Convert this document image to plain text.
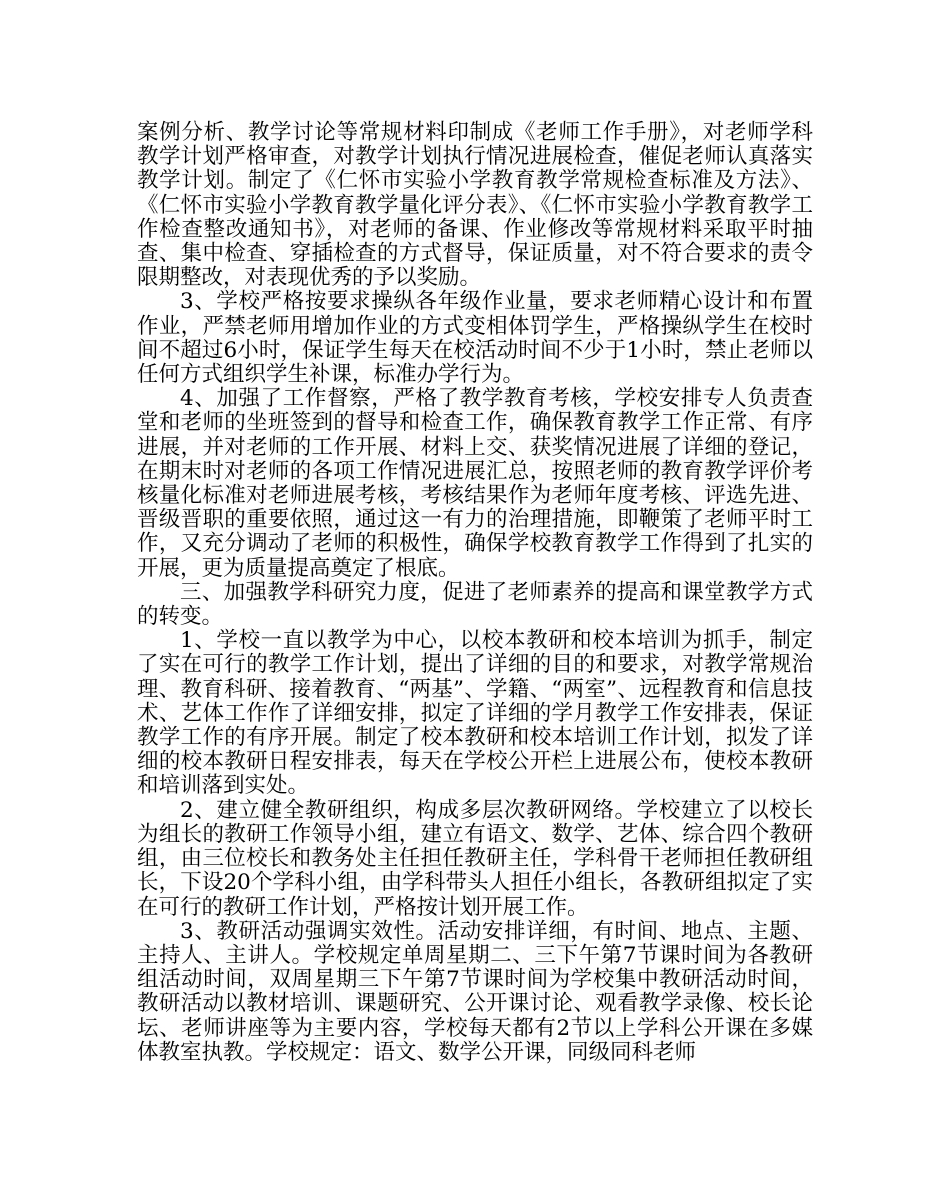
案例分析、教学讨论等常规材料印制成《老师工作手册》，对老师学科教学计划严格审查，对教学计划执行情况进展检查，催促老师认真落实教学计划。制定了《仁怀市实验小学教育教学常规检查标准及方法》、《仁怀市实验小学教育教学量化评分表》、《仁怀市实验小学教育教学工作检查整改通知书》，对老师的备课、作业修改等常规材料采取平时抽查、集中检查、穿插检查的方式督导，保证质量，对不符合要求的责令限期整改，对表现优秀的予以奖励。

3、学校严格按要求操纵各年级作业量，要求老师精心设计和布置作业，严禁老师用增加作业的方式变相体罚学生，严格操纵学生在校时间不超过6小时，保证学生每天在校活动时间不少于1小时，禁止老师以任何方式组织学生补课，标准办学行为。

4、加强了工作督察，严格了教学教育考核，学校安排专人负责查堂和老师的坐班签到的督导和检查工作，确保教育教学工作正常、有序进展，并对老师的工作开展、材料上交、获奖情况进展了详细的登记，在期末时对老师的各项工作情况进展汇总，按照老师的教育教学评价考核量化标准对老师进展考核，考核结果作为老师年度考核、评选先进、晋级晋职的重要依照，通过这一有力的治理措施，即鞭策了老师平时工作，又充分调动了老师的积极性，确保学校教育教学工作得到了扎实的开展，更为质量提高奠定了根底。

三、加强教学科研究力度，促进了老师素养的提高和课堂教学方式的转变。

1、学校一直以教学为中心，以校本教研和校本培训为抓手，制定了实在可行的教学工作计划，提出了详细的目的和要求，对教学常规治理、教育科研、接着教育、“两基”、学籍、“两室”、远程教育和信息技术、艺体工作作了详细安排，拟定了详细的学月教学工作安排表，保证教学工作的有序开展。制定了校本教研和校本培训工作计划，拟发了详细的校本教研日程安排表，每天在学校公开栏上进展公布，使校本教研和培训落到实处。

2、建立健全教研组织，构成多层次教研网络。学校建立了以校长为组长的教研工作领导小组，建立有语文、数学、艺体、综合四个教研组，由三位校长和教务处主任担任教研主任，学科骨干老师担任教研组长，下设20个学科小组，由学科带头人担任小组长，各教研组拟定了实在可行的教研工作计划，严格按计划开展工作。

3、教研活动强调实效性。活动安排详细，有时间、地点、主题、主持人、主讲人。学校规定单周星期二、三下午第7节课时间为各教研组活动时间，双周星期三下午第7节课时间为学校集中教研活动时间，教研活动以教材培训、课题研究、公开课讨论、观看教学录像、校长论坛、老师讲座等为主要内容，学校每天都有2节以上学科公开课在多媒体教室执教。学校规定：语文、数学公开课，同级同科老师
